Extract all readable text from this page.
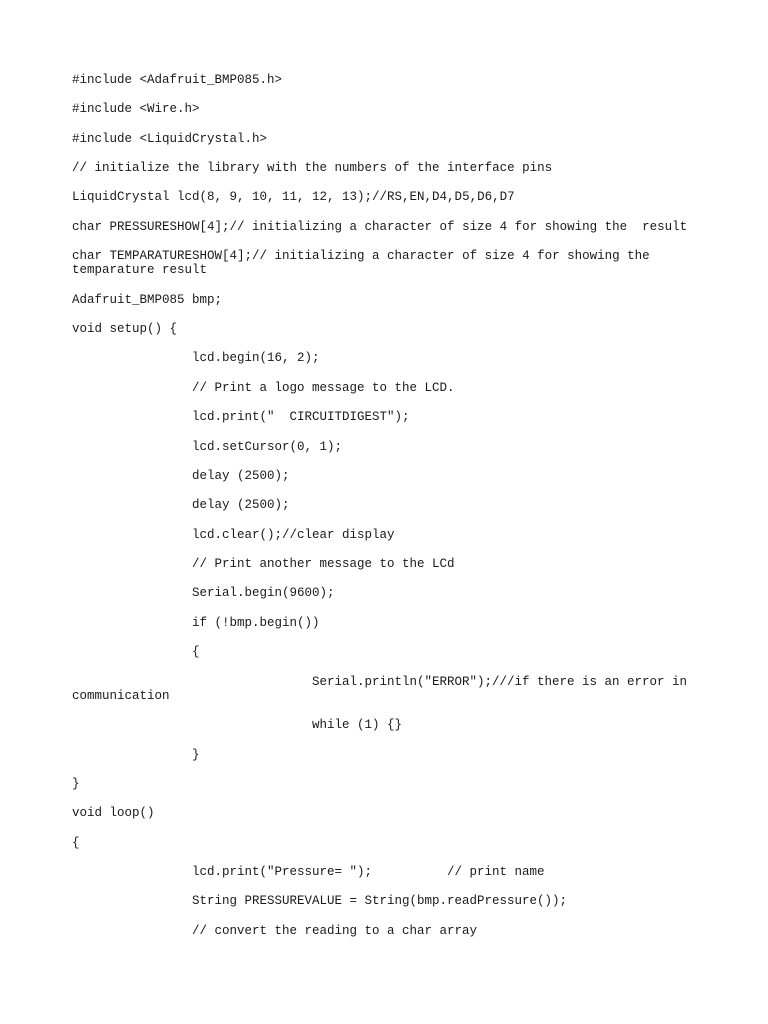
#include <Adafruit_BMP085.h>
#include <Wire.h>
#include <LiquidCrystal.h>
// initialize the library with the numbers of the interface pins
LiquidCrystal lcd(8, 9, 10, 11, 12, 13);//RS,EN,D4,D5,D6,D7
char PRESSURESHOW[4];// initializing a character of size 4 for showing the  result
char TEMPARATURESHOW[4];// initializing a character of size 4 for showing the
temparature result
Adafruit_BMP085 bmp;
void setup() {
lcd.begin(16, 2);
// Print a logo message to the LCD.
lcd.print("  CIRCUITDIGEST");
lcd.setCursor(0, 1);
delay (2500);
delay (2500);
lcd.clear();//clear display
// Print another message to the LCd
Serial.begin(9600);
if (!bmp.begin())
{
Serial.println("ERROR");///if there is an error in
communication
while (1) {}
}
}
void loop()
{
lcd.print("Pressure= ");          // print name
String PRESSUREVALUE = String(bmp.readPressure());
// convert the reading to a char array
